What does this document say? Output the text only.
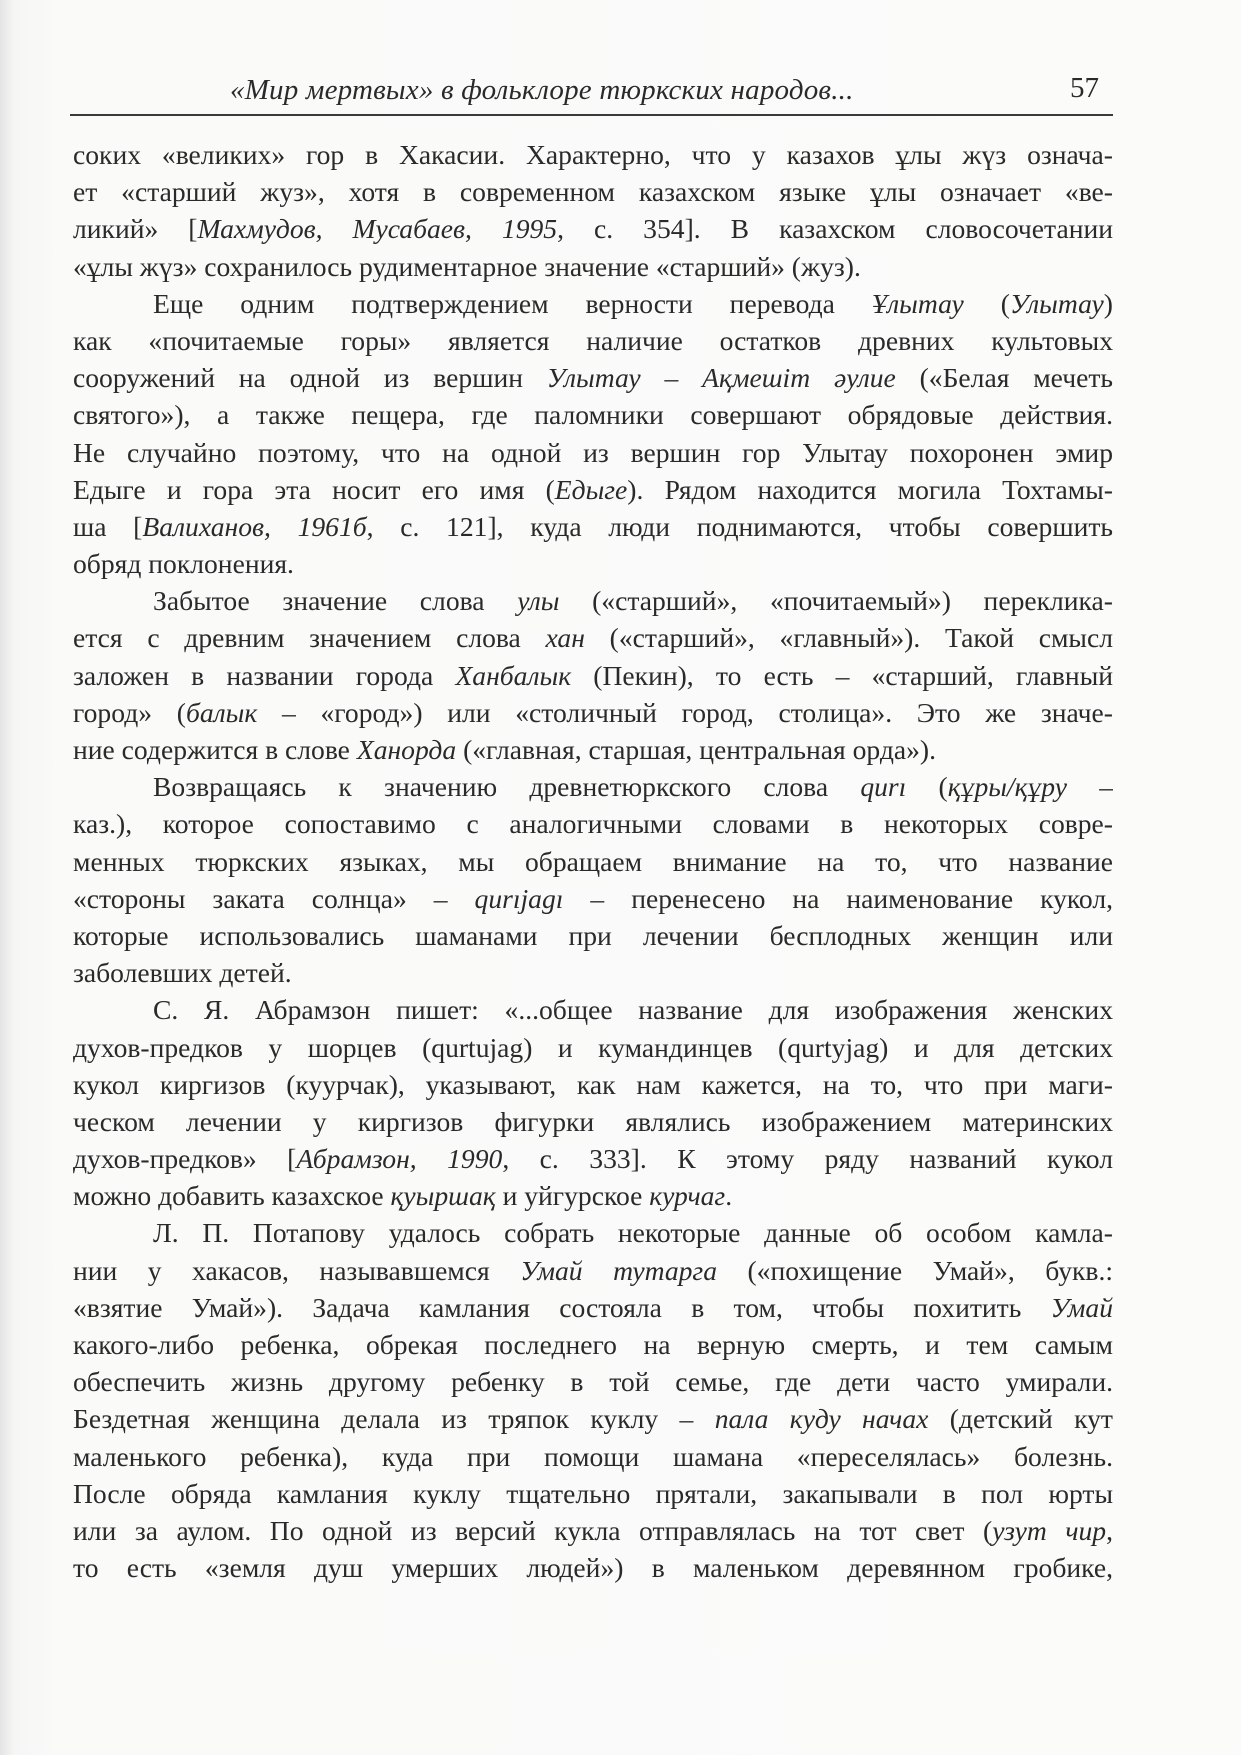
«Мир мертвых» в фольклоре тюркских народов...	57
соких «великих» гор в Хакасии. Характерно, что у казахов ұлы жүз означа-
ет «старший жуз», хотя в современном казахском языке ұлы означает «ве-
ликий» [Махмудов, Мусабаев, 1995, с. 354]. В казахском словосочетании
«ұлы жүз» сохранилось рудиментарное значение «старший» (жуз).
Еще одним подтверждением верности перевода Ұлытау (Улытау)
как «почитаемые горы» является наличие остатков древних культовых
сооружений на одной из вершин Улытау – Ақмешіт әулие («Белая мечеть
святого»), а также пещера, где паломники совершают обрядовые действия.
Не случайно поэтому, что на одной из вершин гор Улытау похоронен эмир
Едыге и гора эта носит его имя (Едыге). Рядом находится могила Тохтамы-
ша [Валиханов, 1961б, с. 121], куда люди поднимаются, чтобы совершить
обряд поклонения.
Забытое значение слова улы («старший», «почитаемый») переклика-
ется с древним значением слова хан («старший», «главный»). Такой смысл
заложен в названии города Ханбалык (Пекин), то есть – «старший, главный
город» (балык – «город») или «столичный город, столица». Это же значе-
ние содержится в слове Ханорда («главная, старшая, центральная орда»).
Возвращаясь к значению древнетюркского слова qurı (құры/құру –
каз.), которое сопоставимо с аналогичными словами в некоторых совре-
менных тюркских языках, мы обращаем внимание на то, что название
«стороны заката солнца» – qurıjagı – перенесено на наименование кукол,
которые использовались шаманами при лечении бесплодных женщин или
заболевших детей.
С. Я. Абрамзон пишет: «...общее название для изображения женских
духов-предков у шорцев (qurtujag) и кумандинцев (qurtyjag) и для детских
кукол киргизов (куурчак), указывают, как нам кажется, на то, что при маги-
ческом лечении у киргизов фигурки являлись изображением материнских
духов-предков» [Абрамзон, 1990, с. 333]. К этому ряду названий кукол
можно добавить казахское қуыршақ и уйгурское курчаг.
Л. П. Потапову удалось собрать некоторые данные об особом камла-
нии у хакасов, называвшемся Умай тутарга («похищение Умай», букв.:
«взятие Умай»). Задача камлания состояла в том, чтобы похитить Умай
какого-либо ребенка, обрекая последнего на верную смерть, и тем самым
обеспечить жизнь другому ребенку в той семье, где дети часто умирали.
Бездетная женщина делала из тряпок куклу – пала куду начах (детский кут
маленького ребенка), куда при помощи шамана «переселялась» болезнь.
После обряда камлания куклу тщательно прятали, закапывали в пол юрты
или за аулом. По одной из версий кукла отправлялась на тот свет (узут чир,
то есть «земля душ умерших людей») в маленьком деревянном гробике,
